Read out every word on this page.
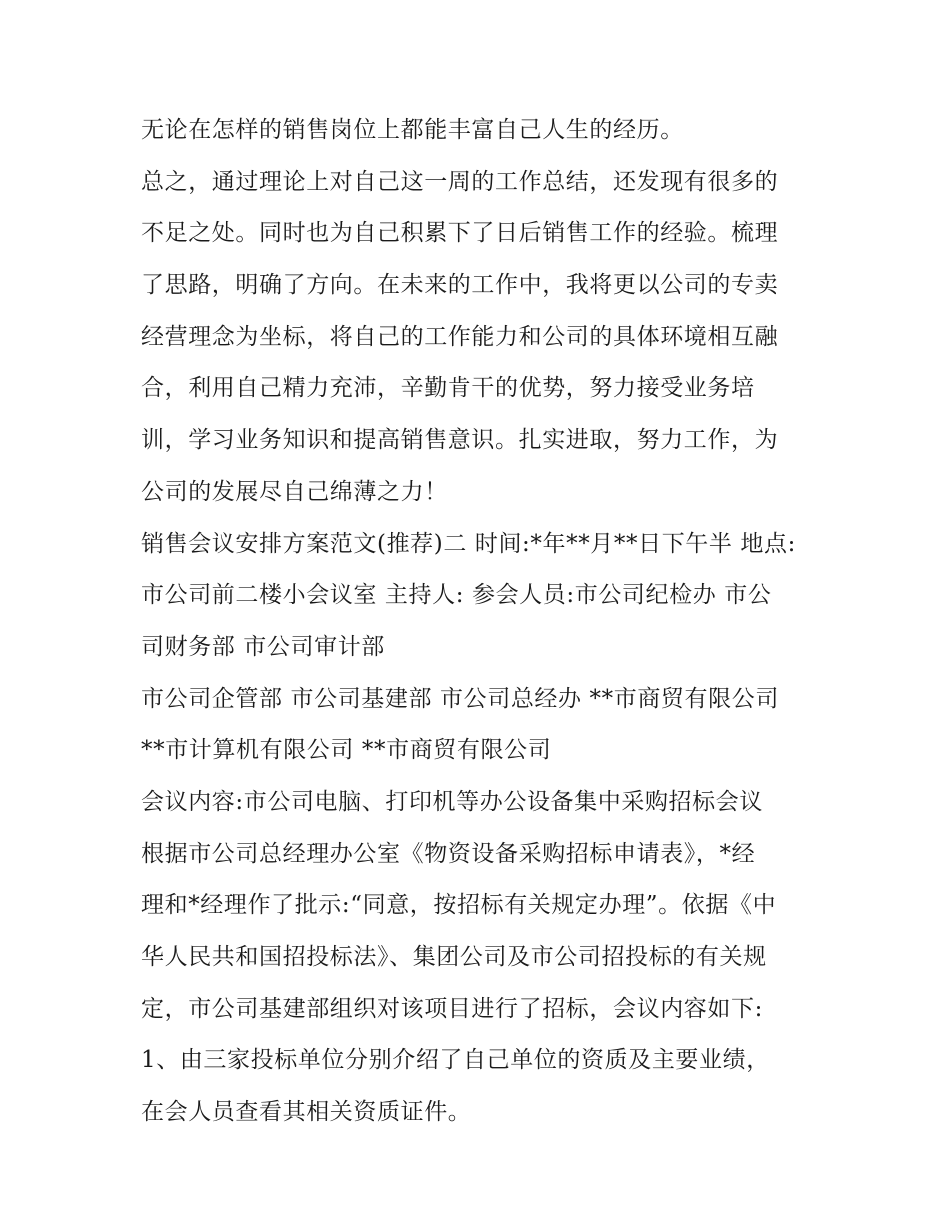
无论在怎样的销售岗位上都能丰富自己人生的经历。
总之，通过理论上对自己这一周的工作总结，还发现有很多的
不足之处。同时也为自己积累下了日后销售工作的经验。梳理
了思路，明确了方向。在未来的工作中，我将更以公司的专卖
经营理念为坐标，将自己的工作能力和公司的具体环境相互融
合，利用自己精力充沛，辛勤肯干的优势，努力接受业务培
训，学习业务知识和提高销售意识。扎实进取，努力工作，为
公司的发展尽自己绵薄之力！
销售会议安排方案范文(推荐)二 时间:*年**月**日下午半 地点:
市公司前二楼小会议室 主持人: 参会人员:市公司纪检办 市公
司财务部 市公司审计部
市公司企管部 市公司基建部 市公司总经办 **市商贸有限公司
**市计算机有限公司 **市商贸有限公司
会议内容:市公司电脑、打印机等办公设备集中采购招标会议
根据市公司总经理办公室《物资设备采购招标申请表》，*经
理和*经理作了批示:“同意，按招标有关规定办理”。依据《中
华人民共和国招投标法》、集团公司及市公司招投标的有关规
定，市公司基建部组织对该项目进行了招标，会议内容如下:
1、由三家投标单位分别介绍了自己单位的资质及主要业绩，
在会人员查看其相关资质证件。
